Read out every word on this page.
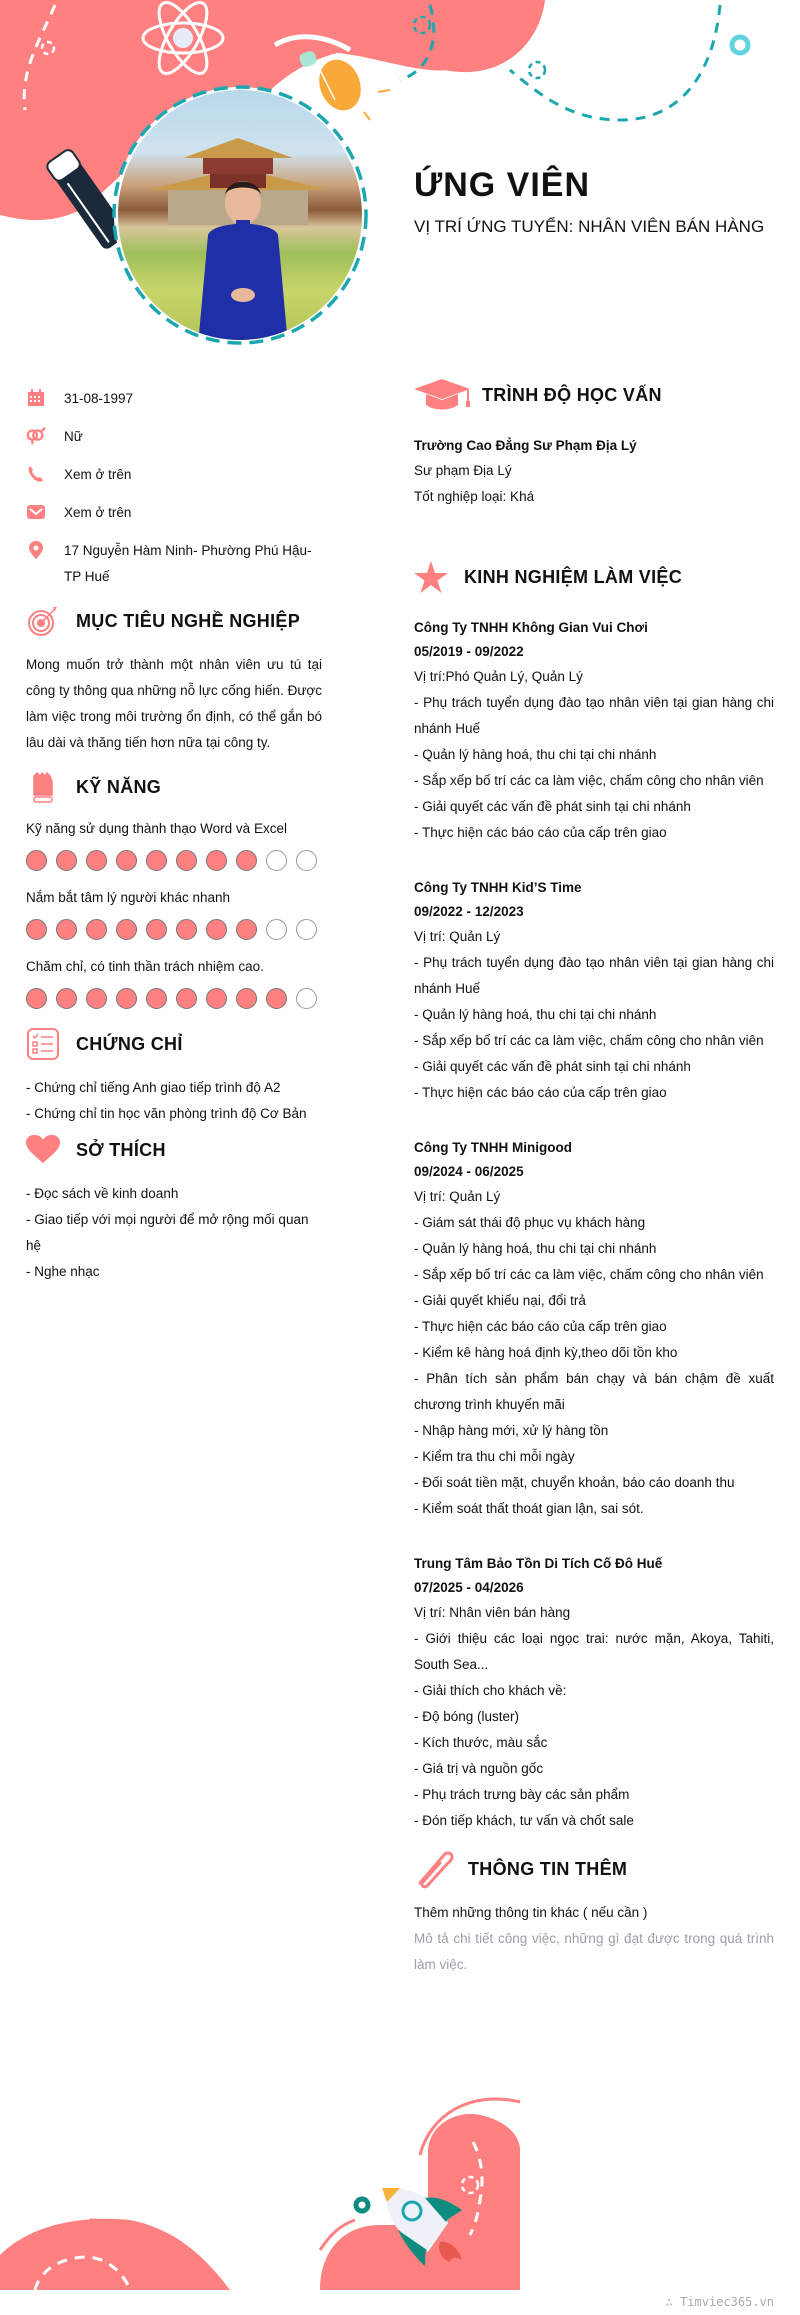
ỨNG VIÊN
VỊ TRÍ ỨNG TUYỂN: NHÂN VIÊN BÁN HÀNG
31-08-1997
Nữ
Xem ở trên
Xem ở trên
17 Nguyễn Hàm Ninh- Phường Phú Hậu- TP Huế
MỤC TIÊU NGHỀ NGHIỆP
Mong muốn trở thành một nhân viên ưu tú tại công ty thông qua những nỗ lực cống hiến. Được làm việc trong môi trường ổn định, có thể gắn bó lâu dài và thăng tiến hơn nữa tại công ty.
KỸ NĂNG
Kỹ năng sử dụng thành thạo Word và Excel
Nắm bắt tâm lý người khác nhanh
Chăm chỉ, có tinh thần trách nhiệm cao.
CHỨNG CHỈ
- Chứng chỉ tiếng Anh giao tiếp trình độ A2
- Chứng chỉ tin học văn phòng trình độ Cơ Bản
SỞ THÍCH
- Đọc sách về kinh doanh
- Giao tiếp với mọi người để mở rộng mối quan hệ
- Nghe nhạc
TRÌNH ĐỘ HỌC VẤN
Trường Cao Đẳng Sư Phạm Địa Lý
Sư phạm Địa Lý
Tốt nghiệp loại: Khá
KINH NGHIỆM LÀM VIỆC
Công Ty TNHH Không Gian Vui Chơi
05/2019 - 09/2022
Vị trí:Phó Quản Lý, Quản Lý
- Phụ trách tuyển dụng đào tạo nhân viên tại gian hàng chi nhánh Huế
- Quản lý hàng hoá, thu chi tại chi nhánh
- Sắp xếp bố trí các ca làm việc, chấm công cho nhân viên
- Giải quyết các vấn đề phát sinh tại chi nhánh
- Thực hiện các báo cáo của cấp trên giao
Công Ty TNHH Kid’S Time
09/2022 - 12/2023
Vị trí: Quản Lý
- Phụ trách tuyển dụng đào tạo nhân viên tại gian hàng chi nhánh Huế
- Quản lý hàng hoá, thu chi tại chi nhánh
- Sắp xếp bố trí các ca làm việc, chấm công cho nhân viên
- Giải quyết các vấn đề phát sinh tại chi nhánh
- Thực hiện các báo cáo của cấp trên giao
Công Ty TNHH Minigood
09/2024 - 06/2025
Vị trí: Quản Lý
- Giám sát thái độ phục vụ khách hàng
- Quản lý hàng hoá, thu chi tại chi nhánh
- Sắp xếp bố trí các ca làm việc, chấm công cho nhân viên
- Giải quyết khiếu nại, đổi trả
- Thực hiện các báo cáo của cấp trên giao
- Kiểm kê hàng hoá định kỳ,theo dõi tồn kho
- Phân tích sản phẩm bán chạy và bán chậm đề xuất chương trình khuyến mãi
- Nhập hàng mới, xử lý hàng tồn
- Kiểm tra thu chi mỗi ngày
- Đối soát tiền mặt, chuyển khoản, báo cáo doanh thu
- Kiểm soát thất thoát gian lận, sai sót.
Trung Tâm Bảo Tồn Di Tích Cố Đô Huế
07/2025 - 04/2026
Vị trí: Nhân viên bán hàng
- Giới thiệu các loại ngọc trai: nước mặn, Akoya, Tahiti, South Sea...
- Giải thích cho khách về:
- Độ bóng (luster)
- Kích thước, màu sắc
- Giá trị và nguồn gốc
- Phụ trách trưng bày các sản phẩm
- Đón tiếp khách, tư vấn và chốt sale
THÔNG TIN THÊM
Thêm những thông tin khác ( nếu cần )
Mô tả chi tiết công việc, những gì đạt được trong quá trình làm việc.
∴ Timviec365.vn
